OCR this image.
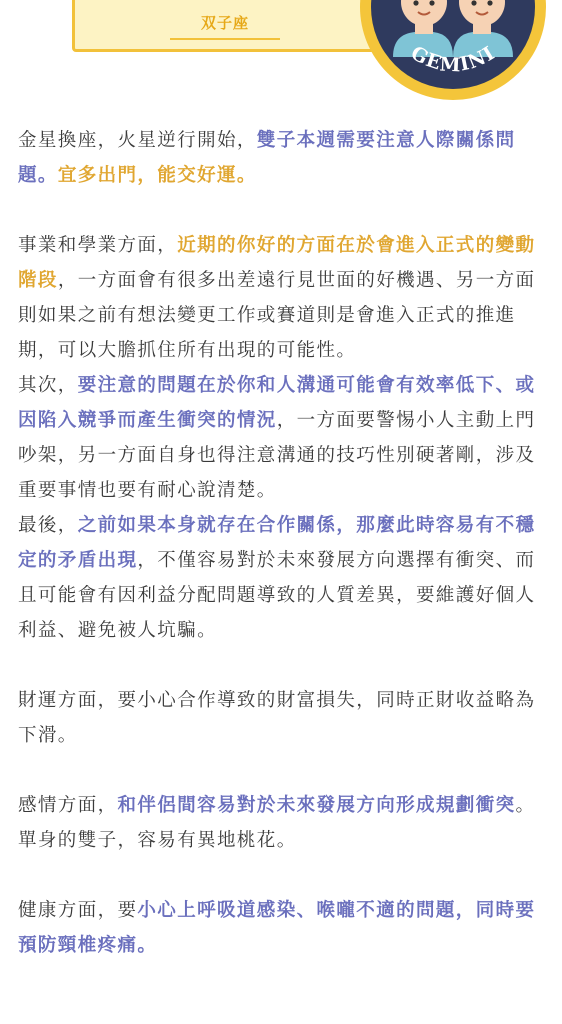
双子座
GEMINI

金星換座，火星逆行開始，雙子本週需要注意人際關係問題。宜多出門，能交好運。

事業和學業方面，近期的你好的方面在於會進入正式的變動階段，一方面會有很多出差遠行見世面的好機遇、另一方面則如果之前有想法變更工作或賽道則是會進入正式的推進期，可以大膽抓住所有出現的可能性。

其次，要注意的問題在於你和人溝通可能會有效率低下、或因陷入競爭而產生衝突的情況，一方面要警惕小人主動上門吵架，另一方面自身也得注意溝通的技巧性別硬著剛，涉及重要事情也要有耐心說清楚。

最後，之前如果本身就存在合作關係，那麼此時容易有不穩定的矛盾出現，不僅容易對於未來發展方向選擇有衝突、而且可能會有因利益分配問題導致的人質差異，要維護好個人利益、避免被人坑騙。

財運方面，要小心合作導致的財富損失，同時正財收益略為下滑。

感情方面，和伴侶間容易對於未來發展方向形成規劃衝突。單身的雙子，容易有異地桃花。

健康方面，要小心上呼吸道感染、喉嚨不適的問題，同時要預防頸椎疼痛。
